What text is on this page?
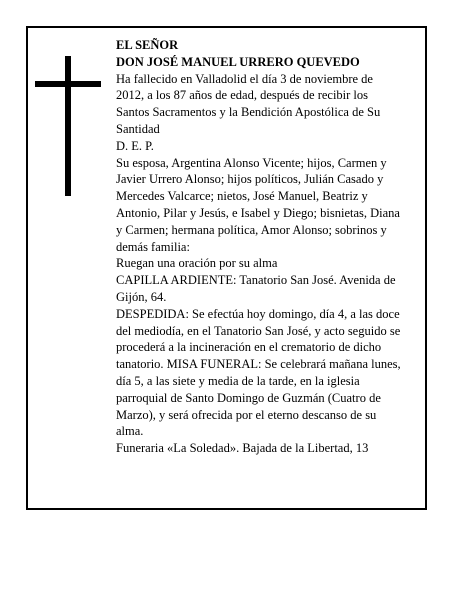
EL SEÑOR

DON JOSÉ MANUEL URRERO QUEVEDO

Ha fallecido en Valladolid el día 3 de noviembre de 2012, a los 87 años de edad, después de recibir los Santos Sacramentos y la Bendición Apostólica de Su Santidad

D. E. P.

Su esposa, Argentina Alonso Vicente; hijos, Carmen y Javier Urrero Alonso; hijos políticos, Julián Casado y Mercedes Valcarce; nietos, José Manuel, Beatriz y Antonio, Pilar y Jesús, e Isabel y Diego; bisnietas, Diana y Carmen; hermana política, Amor Alonso; sobrinos y demás familia:

Ruegan una oración por su alma

CAPILLA ARDIENTE: Tanatorio San José. Avenida de Gijón, 64.

DESPEDIDA: Se efectúa hoy domingo, día 4, a las doce del mediodía, en el Tanatorio San José, y acto seguido se procederá a la incineración en el crematorio de dicho tanatorio. MISA FUNERAL: Se celebrará mañana lunes, día 5, a las siete y media de la tarde, en la iglesia parroquial de Santo Domingo de Guzmán (Cuatro de Marzo), y será ofrecida por el eterno descanso de su alma.

Funeraria «La Soledad». Bajada de la Libertad, 13
